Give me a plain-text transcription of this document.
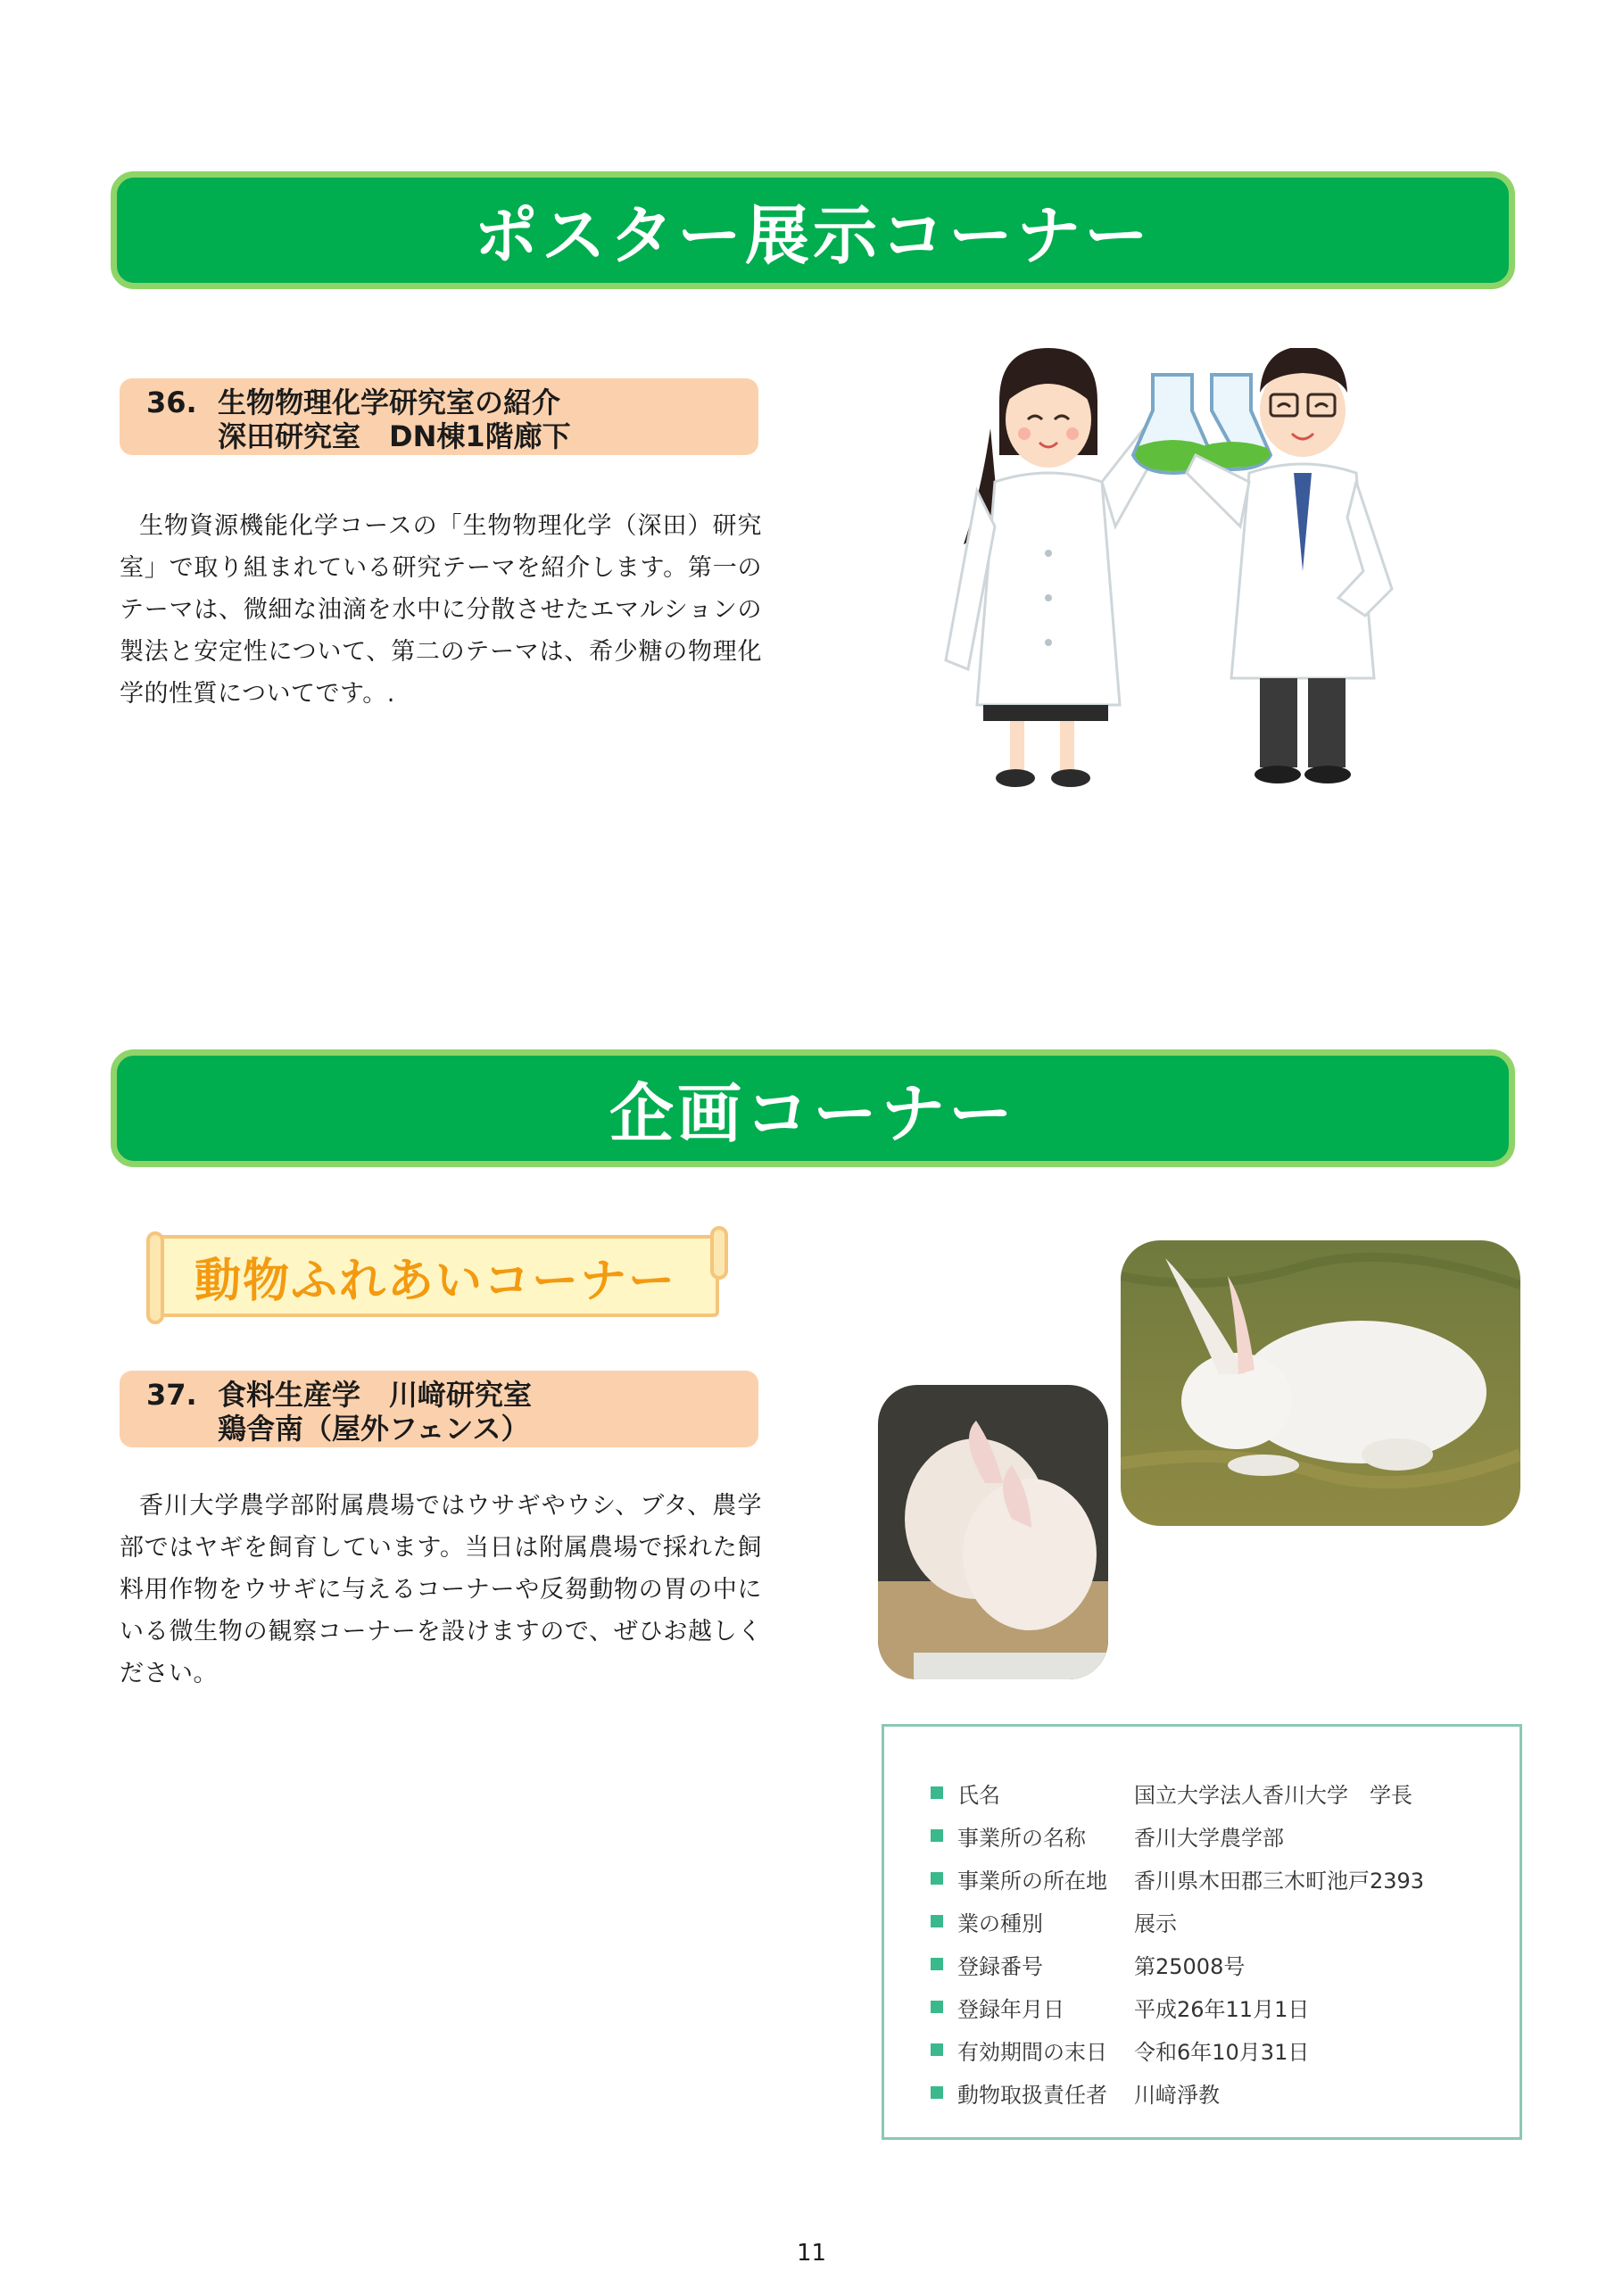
ポスター展示コーナー
36. 生物物理化学研究室の紹介
深田研究室　DN棟1階廊下
生物資源機能化学コースの「生物物理化学（深田）研究室」で取り組まれている研究テーマを紹介します。第一のテーマは、微細な油滴を水中に分散させたエマルションの製法と安定性について、第二のテーマは、希少糖の物理化学的性質についてです。.
企画コーナー
動物ふれあいコーナー
37. 食料生産学　川﨑研究室
鶏舎南（屋外フェンス）
香川大学農学部附属農場ではウサギやウシ、ブタ、農学部ではヤギを飼育しています。当日は附属農場で採れた飼料用作物をウサギに与えるコーナーや反芻動物の胃の中にいる微生物の観察コーナーを設けますので、ぜひお越しください。
氏名	国立大学法人香川大学　学長
事業所の名称	香川大学農学部
事業所の所在地	香川県木田郡三木町池戸2393
業の種別	展示
登録番号	第25008号
登録年月日	平成26年11月1日
有効期間の末日	令和6年10月31日
動物取扱責任者	川﨑淨教
11
